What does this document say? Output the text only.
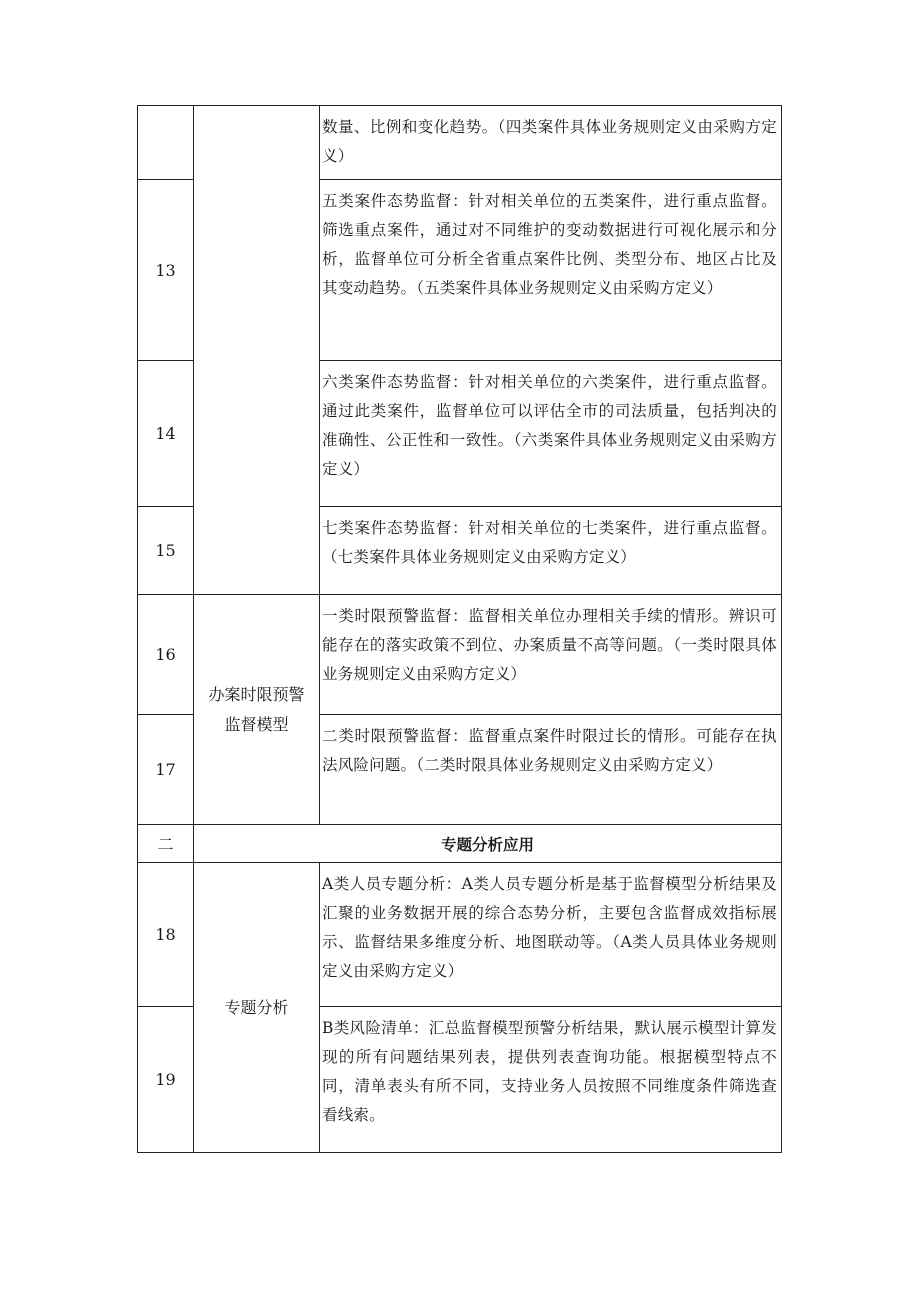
		数量、比例和变化趋势。（四类案件具体业务规则定义由采购方定义）
13		五类案件态势监督：针对相关单位的五类案件，进行重点监督。筛选重点案件，通过对不同维护的变动数据进行可视化展示和分析，监督单位可分析全省重点案件比例、类型分布、地区占比及其变动趋势。（五类案件具体业务规则定义由采购方定义）
14		六类案件态势监督：针对相关单位的六类案件，进行重点监督。通过此类案件，监督单位可以评估全市的司法质量，包括判决的准确性、公正性和一致性。（六类案件具体业务规则定义由采购方定义）
15		七类案件态势监督：针对相关单位的七类案件，进行重点监督。（七类案件具体业务规则定义由采购方定义）
16	办案时限预警监督模型	一类时限预警监督：监督相关单位办理相关手续的情形。辨识可能存在的落实政策不到位、办案质量不高等问题。（一类时限具体业务规则定义由采购方定义）
17		二类时限预警监督：监督重点案件时限过长的情形。可能存在执法风险问题。（二类时限具体业务规则定义由采购方定义）
二	专题分析应用	
18	专题分析	A类人员专题分析：A类人员专题分析是基于监督模型分析结果及汇聚的业务数据开展的综合态势分析，主要包含监督成效指标展示、监督结果多维度分析、地图联动等。（A类人员具体业务规则定义由采购方定义）
19		B类风险清单：汇总监督模型预警分析结果，默认展示模型计算发现的所有问题结果列表，提供列表查询功能。根据模型特点不同，清单表头有所不同，支持业务人员按照不同维度条件筛选查看线索。
